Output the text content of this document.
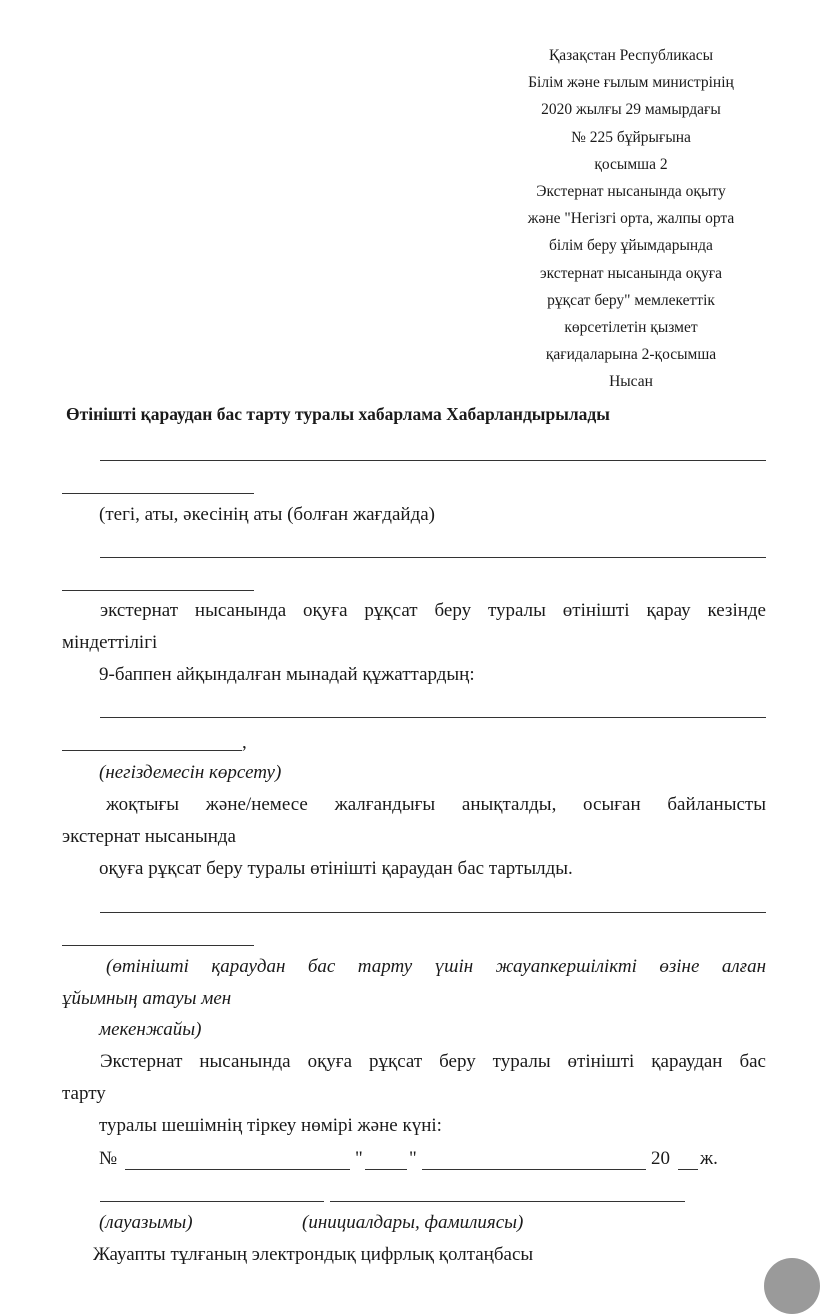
Қазақстан Республикасы
Білім және ғылым министрінің
2020 жылғы 29 мамырдағы
№ 225 бұйрығына
қосымша 2
Экстернат нысанында оқыту
және "Негізгі орта, жалпы орта
білім беру ұйымдарында
экстернат нысанында оқуға
рұқсат беру" мемлекеттік
көрсетілетін қызмет
қағидаларына 2-қосымша
Нысан
Өтінішті қараудан бас тарту туралы хабарлама Хабарландырылады
(тегі, аты, әкесінің аты (болған жағдайда)
экстернат нысанында оқуға рұқсат беру туралы өтінішті қарау кезінде
міндеттілігі
9-баппен айқындалған мынадай құжаттардың:
,
(негіздемесін көрсету)
жоқтығы және/немесе жалғандығы анықталды, осыған байланысты
экстернат нысанында
оқуға рұқсат беру туралы өтінішті қараудан бас тартылды.
(өтінішті қараудан бас тарту үшін жауапкершілікті өзіне алған
ұйымның атауы мен
мекенжайы)
Экстернат нысанында оқуға рұқсат беру туралы өтінішті қараудан бас
тарту
туралы шешімнің тіркеу нөмірі және күні:
№	" "	20 ж.
(лауазымы)	(инициалдары, фамилиясы)
Жауапты тұлғаның электрондық цифрлық қолтаңбасы
